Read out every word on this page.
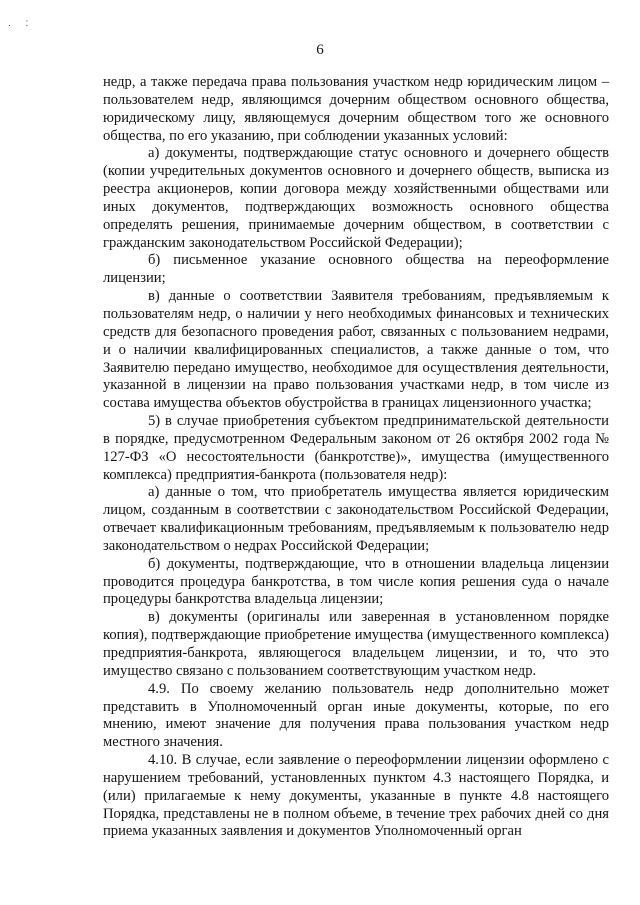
. :
6

недр, а также передача права пользования участком недр юридическим лицом – пользователем недр, являющимся дочерним обществом основного общества, юридическому лицу, являющемуся дочерним обществом того же основного общества, по его указанию, при соблюдении указанных условий:

а) документы, подтверждающие статус основного и дочернего обществ (копии учредительных документов основного и дочернего обществ, выписка из реестра акционеров, копии договора между хозяйственными обществами или иных документов, подтверждающих возможность основного общества определять решения, принимаемые дочерним обществом, в соответствии с гражданским законодательством Российской Федерации);

б) письменное указание основного общества на переоформление лицензии;

в) данные о соответствии Заявителя требованиям, предъявляемым к пользователям недр, о наличии у него необходимых финансовых и технических средств для безопасного проведения работ, связанных с пользованием недрами, и о наличии квалифицированных специалистов, а также данные о том, что Заявителю передано имущество, необходимое для осуществления деятельности, указанной в лицензии на право пользования участками недр, в том числе из состава имущества объектов обустройства в границах лицензионного участка;

5) в случае приобретения субъектом предпринимательской деятельности в порядке, предусмотренном Федеральным законом от 26 октября 2002 года № 127-ФЗ «О несостоятельности (банкротстве)», имущества (имущественного комплекса) предприятия-банкрота (пользователя недр):

а) данные о том, что приобретатель имущества является юридическим лицом, созданным в соответствии с законодательством Российской Федерации, отвечает квалификационным требованиям, предъявляемым к пользователю недр законодательством о недрах Российской Федерации;

б) документы, подтверждающие, что в отношении владельца лицензии проводится процедура банкротства, в том числе копия решения суда о начале процедуры банкротства владельца лицензии;

в) документы (оригиналы или заверенная в установленном порядке копия), подтверждающие приобретение имущества (имущественного комплекса) предприятия-банкрота, являющегося владельцем лицензии, и то, что это имущество связано с пользованием соответствующим участком недр.

4.9. По своему желанию пользователь недр дополнительно может представить в Уполномоченный орган иные документы, которые, по его мнению, имеют значение для получения права пользования участком недр местного значения.

4.10. В случае, если заявление о переоформлении лицензии оформлено с нарушением требований, установленных пунктом 4.3 настоящего Порядка, и (или) прилагаемые к нему документы, указанные в пункте 4.8 настоящего Порядка, представлены не в полном объеме, в течение трех рабочих дней со дня приема указанных заявления и документов Уполномоченный орган
